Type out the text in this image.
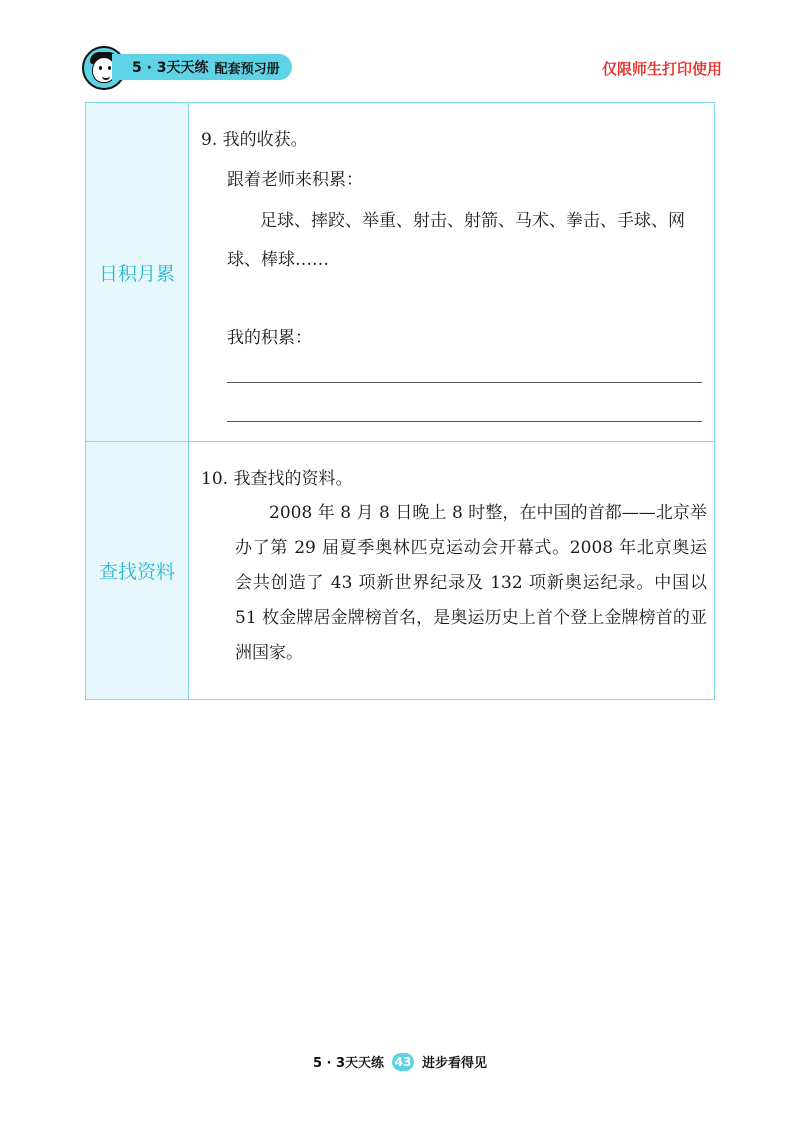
5 · 3天天练 配套预习册	仅限师生打印使用
日积月累
9. 我的收获。
跟着老师来积累：
足球、摔跤、举重、射击、射箭、马术、拳击、手球、网
球、棒球……
我的积累：
查找资料
10. 我查找的资料。
2008 年 8 月 8 日晚上 8 时整，在中国的首都——北京举办了第 29 届夏季奥林匹克运动会开幕式。2008 年北京奥运会共创造了 43 项新世界纪录及 132 项新奥运纪录。中国以 51 枚金牌居金牌榜首名，是奥运历史上首个登上金牌榜首的亚洲国家。
5 · 3天天练 43 进步看得见
